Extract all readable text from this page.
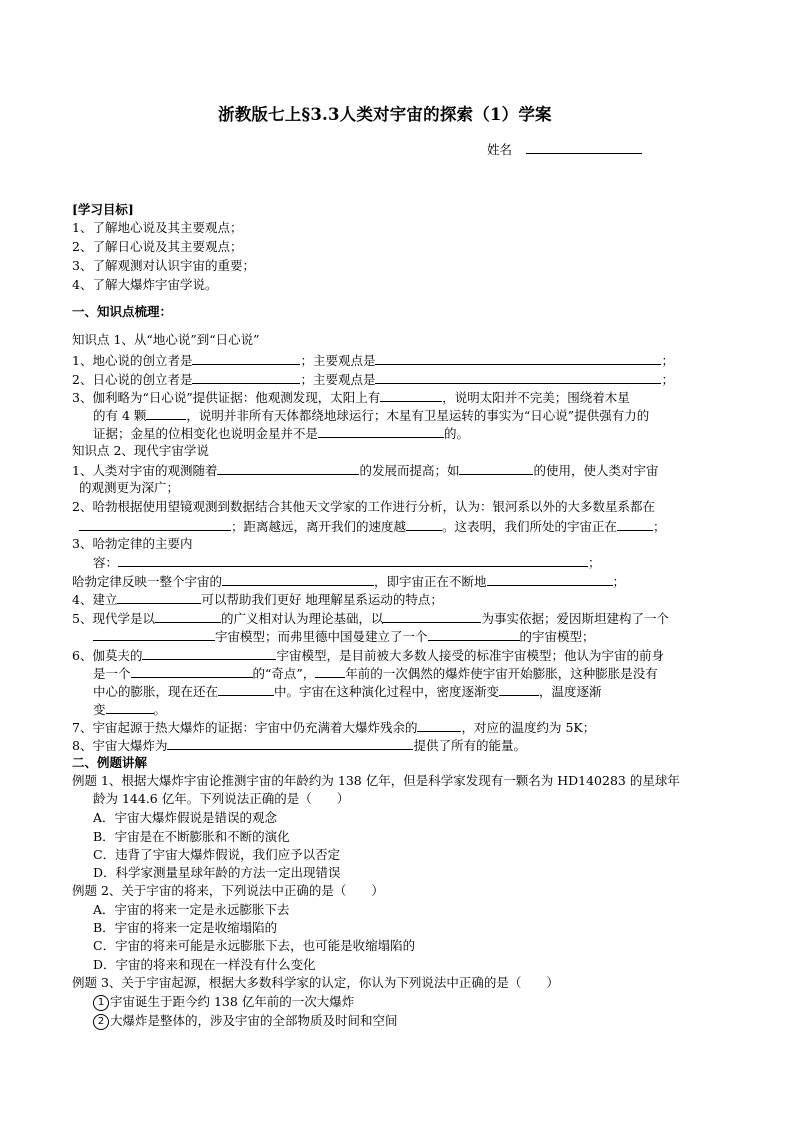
浙教版七上§3.3人类对宇宙的探索（1）学案
姓名
[学习目标]
1、了解地心说及其主要观点；
2、了解日心说及其主要观点；
3、了解观测对认识宇宙的重要；
4、了解大爆炸宇宙学说。
一、知识点梳理：
知识点 1、从“地心说”到“日心说”
1、地心说的创立者是	；主要观点是	；
2、日心说的创立者是	；主要观点是	；
3、伽利略为“日心说”提供证据：他观测发现，太阳上有	，说明太阳并不完美；围绕着木星
的有 4 颗	，说明并非所有天体都绕地球运行；木星有卫星运转的事实为“日心说”提供强有力的
证据；金星的位相变化也说明金星并不是	的。
知识点 2、现代宇宙学说
1、人类对宇宙的观测随着	的发展而提高；如	的使用，使人类对宇宙
的观测更为深广；
2、哈勃根据使用望镜观测到数据结合其他天文学家的工作进行分析，认为：银河系以外的大多数星系都在
；距离越远，离开我们的速度越	。这表明，我们所处的宇宙正在	；
3、哈勃定律的主要内
容：	；
哈勃定律反映一整个宇宙的	，即宇宙正在不断地	；
4、建立	可以帮助我们更好 地理解星系运动的特点；
5、现代学是以	的广义相对认为理论基础，以	为事实依据；爱因斯坦建构了一个
宇宙模型；而弗里德中国曼建立了一个	的宇宙模型；
6、伽莫夫的	宇宙模型，是目前被大多数人接受的标准宇宙模型；他认为宇宙的前身
是一个	的“奇点”， 年前的一次偶然的爆炸使宇宙开始膨胀，这种膨胀是没有
中心的膨胀，现在还在	中。宇宙在这种演化过程中，密度逐渐变	，温度逐渐
变	。
7、宇宙起源于热大爆炸的证据：宇宙中仍充满着大爆炸残余的	，对应的温度约为 5K；
8、宇宙大爆炸为	提供了所有的能量。
二、例题讲解
例题 1、根据大爆炸宇宙论推测宇宙的年龄约为 138 亿年，但是科学家发现有一颗名为 HD140283 的星球年
龄为 144.6 亿年。下列说法正确的是（　　）
A．宇宙大爆炸假说是错误的观念
B．宇宙是在不断膨胀和不断的演化
C．违背了宇宙大爆炸假说，我们应予以否定
D．科学家测量星球年龄的方法一定出现错误
例题 2、关于宇宙的将来，下列说法中正确的是（　　）
A．宇宙的将来一定是永远膨胀下去
B．宇宙的将来一定是收缩塌陷的
C．宇宙的将来可能是永远膨胀下去，也可能是收缩塌陷的
D．宇宙的将来和现在一样没有什么变化
例题 3、关于宇宙起源，根据大多数科学家的认定，你认为下列说法中正确的是（　　）
1 宇宙诞生于距今约 138 亿年前的一次大爆炸
2 大爆炸是整体的，涉及宇宙的全部物质及时间和空间
